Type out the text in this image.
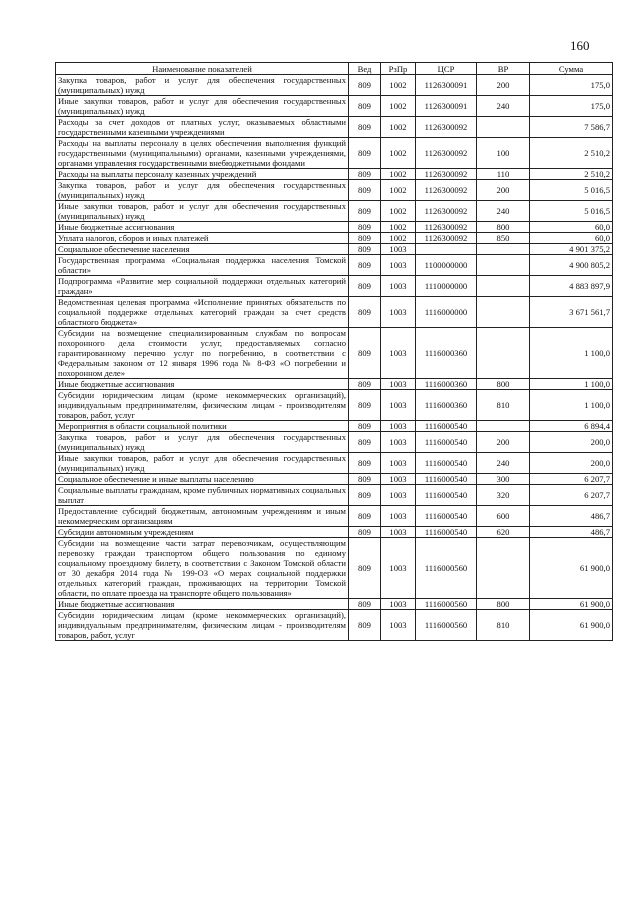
160
Наименование показателей	Вед	РзПр	ЦСР	ВР	Сумма
Закупка товаров, работ и услуг для обеспечения государственных (муниципальных) нужд	809	1002	1126300091	200	175,0
Иные закупки товаров, работ и услуг для обеспечения государственных (муниципальных) нужд	809	1002	1126300091	240	175,0
Расходы за счет доходов от платных услуг, оказываемых областными государственными казенными учреждениями	809	1002	1126300092		7 586,7
Расходы на выплаты персоналу в целях обеспечения выполнения функций государственными (муниципальными) органами, казенными учреждениями, органами управления государственными внебюджетными фондами	809	1002	1126300092	100	2 510,2
Расходы на выплаты персоналу казенных учреждений	809	1002	1126300092	110	2 510,2
Закупка товаров, работ и услуг для обеспечения государственных (муниципальных) нужд	809	1002	1126300092	200	5 016,5
Иные закупки товаров, работ и услуг для обеспечения государственных (муниципальных) нужд	809	1002	1126300092	240	5 016,5
Иные бюджетные ассигнования	809	1002	1126300092	800	60,0
Уплата налогов, сборов и иных платежей	809	1002	1126300092	850	60,0
Социальное обеспечение населения	809	1003			4 901 375,2
Государственная программа «Социальная поддержка населения Томской области»	809	1003	1100000000		4 900 805,2
Подпрограмма «Развитие мер социальной поддержки отдельных категорий граждан»	809	1003	1110000000		4 883 897,9
Ведомственная целевая программа «Исполнение принятых обязательств по социальной поддержке отдельных категорий граждан за счет средств областного бюджета»	809	1003	1116000000		3 671 561,7
Субсидии на возмещение специализированным службам по вопросам похоронного дела стоимости услуг, предоставляемых согласно гарантированному перечню услуг по погребению, в соответствии с Федеральным законом от 12 января 1996 года № 8-ФЗ «О погребении и похоронном деле»	809	1003	1116000360		1 100,0
Иные бюджетные ассигнования	809	1003	1116000360	800	1 100,0
Субсидии юридическим лицам (кроме некоммерческих организаций), индивидуальным предпринимателям, физическим лицам - производителям товаров, работ, услуг	809	1003	1116000360	810	1 100,0
Мероприятия в области социальной политики	809	1003	1116000540		6 894,4
Закупка товаров, работ и услуг для обеспечения государственных (муниципальных) нужд	809	1003	1116000540	200	200,0
Иные закупки товаров, работ и услуг для обеспечения государственных (муниципальных) нужд	809	1003	1116000540	240	200,0
Социальное обеспечение и иные выплаты населению	809	1003	1116000540	300	6 207,7
Социальные выплаты гражданам, кроме публичных нормативных социальных выплат	809	1003	1116000540	320	6 207,7
Предоставление субсидий бюджетным, автономным учреждениям и иным некоммерческим организациям	809	1003	1116000540	600	486,7
Субсидии автономным учреждениям	809	1003	1116000540	620	486,7
Субсидии на возмещение части затрат перевозчикам, осуществляющим перевозку граждан транспортом общего пользования по единому социальному проездному билету, в соответствии с Законом Томской области от 30 декабря 2014 года № 199-ОЗ «О мерах социальной поддержки отдельных категорий граждан, проживающих на территории Томской области, по оплате проезда на транспорте общего пользования»	809	1003	1116000560		61 900,0
Иные бюджетные ассигнования	809	1003	1116000560	800	61 900,0
Субсидии юридическим лицам (кроме некоммерческих организаций), индивидуальным предпринимателям, физическим лицам - производителям товаров, работ, услуг	809	1003	1116000560	810	61 900,0
